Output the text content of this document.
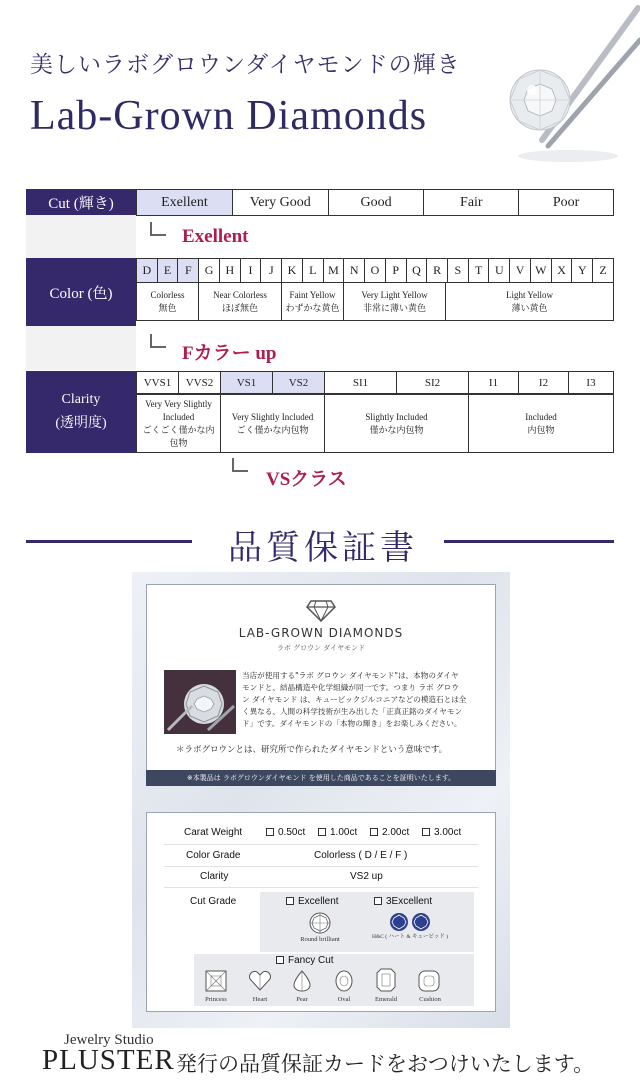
美しいラボグロウンダイヤモンドの輝き
Lab-Grown Diamonds
Cut (輝き)	Exellent	Very Good	Good	Fair	Poor
Exellent
Color (色)
D	E	F	G	H	I	J	K	L	M	N	O	P	Q	R	S	T	U	V	W	X	Y	Z
Colorless
無色

Near Colorless
ほぼ無色

Faint Yellow
わずかな黄色

Very Light Yellow
非常に薄い黄色

Light Yellow
薄い黄色
Fカラー up
Clarity
(透明度)
VVS1	VVS2	VS1	VS2	SI1	SI2	I1	I2	I3
Very Very Slightly Included
ごくごく僅かな内包物

Very Slightly Included
ごく僅かな内包物

Slightly Included
僅かな内包物

Included
内包物
VSクラス
品質保証書
LAB-GROWN DIAMONDS
ラボ グロウン ダイヤモンド
当店が使用する"ラボ グロウン ダイヤモンド"は、本物のダイヤ
モンドと、結晶構造や化学組織が同一です。つまり ラボ グロウ
ン ダイヤモンド は、キュービックジルコニアなどの模造石とは全
く異なる、人間の科学技術が生み出した「正真正銘のダイヤモン
ド」です。ダイヤモンドの「本物の輝き」をお楽しみください。
＊ラボグロウンとは、研究所で作られたダイヤモンドという意味です。
※本製品は ラボグロウンダイヤモンド を使用した商品であることを証明いたします。
Carat Weight	0.50ct	1.00ct	2.00ct	3.00ct
Color Grade	Colorless ( D / E / F )
Clarity	VS2 up
Cut Grade	Excellent	3Excellent
Round brilliant	H&C ( ハート & キューピッド )
Fancy Cut
Princess	Heart	Pear	Oval	Emerald	Cushion
Jewelry Studio
PLUSTER 発行の品質保証カードをおつけいたします。
